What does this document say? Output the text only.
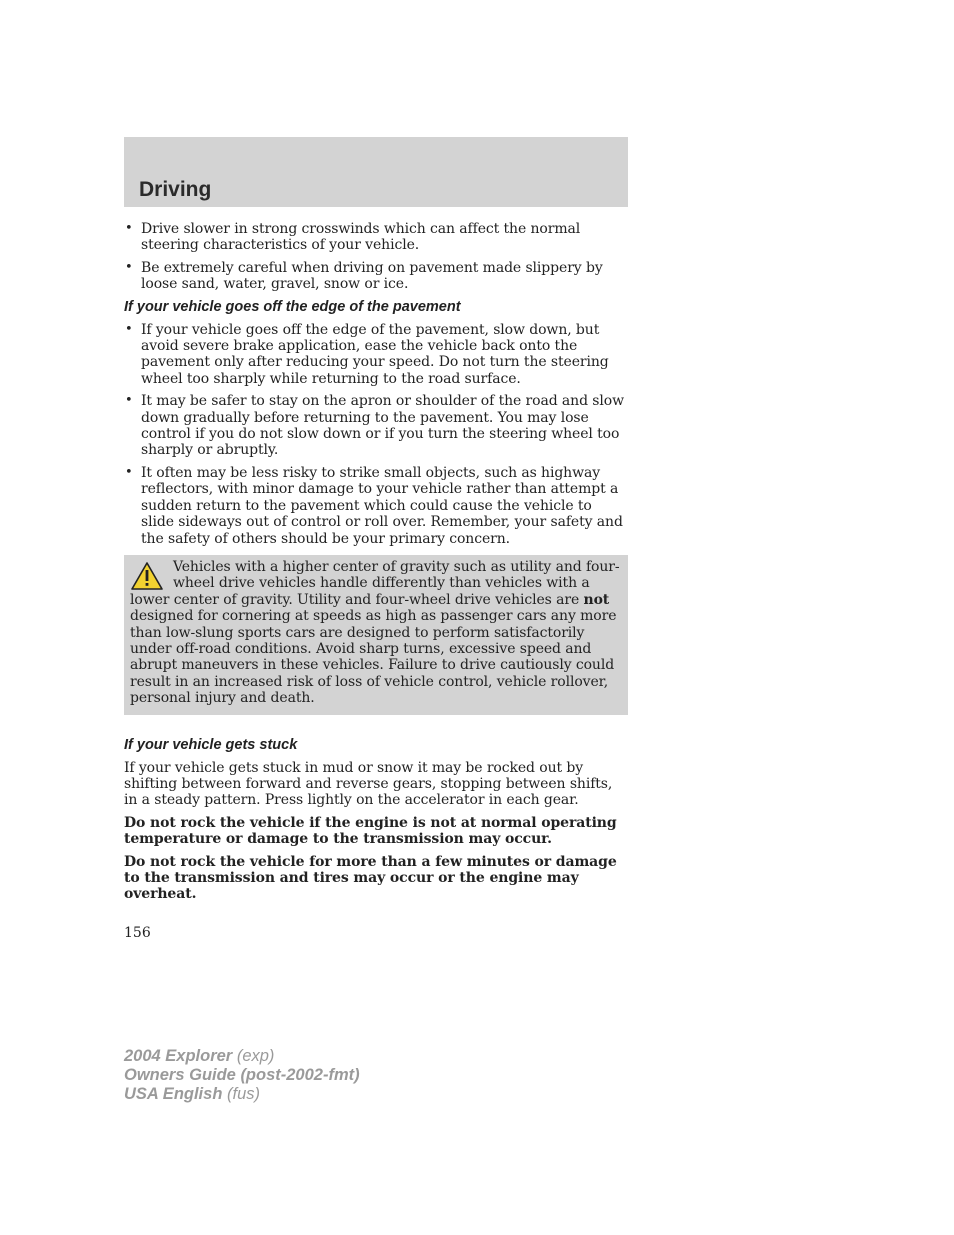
Driving
• Drive slower in strong crosswinds which can affect the normal steering characteristics of your vehicle.
• Be extremely careful when driving on pavement made slippery by loose sand, water, gravel, snow or ice.
If your vehicle goes off the edge of the pavement
• If your vehicle goes off the edge of the pavement, slow down, but avoid severe brake application, ease the vehicle back onto the pavement only after reducing your speed. Do not turn the steering wheel too sharply while returning to the road surface.
• It may be safer to stay on the apron or shoulder of the road and slow down gradually before returning to the pavement. You may lose control if you do not slow down or if you turn the steering wheel too sharply or abruptly.
• It often may be less risky to strike small objects, such as highway reflectors, with minor damage to your vehicle rather than attempt a sudden return to the pavement which could cause the vehicle to slide sideways out of control or roll over. Remember, your safety and the safety of others should be your primary concern.
Vehicles with a higher center of gravity such as utility and four-wheel drive vehicles handle differently than vehicles with a lower center of gravity. Utility and four-wheel drive vehicles are not designed for cornering at speeds as high as passenger cars any more than low-slung sports cars are designed to perform satisfactorily under off-road conditions. Avoid sharp turns, excessive speed and abrupt maneuvers in these vehicles. Failure to drive cautiously could result in an increased risk of loss of vehicle control, vehicle rollover, personal injury and death.
If your vehicle gets stuck

If your vehicle gets stuck in mud or snow it may be rocked out by shifting between forward and reverse gears, stopping between shifts, in a steady pattern. Press lightly on the accelerator in each gear.

Do not rock the vehicle if the engine is not at normal operating temperature or damage to the transmission may occur.

Do not rock the vehicle for more than a few minutes or damage to the transmission and tires may occur or the engine may overheat.

156
2004 Explorer (exp)
Owners Guide (post-2002-fmt)
USA English (fus)
